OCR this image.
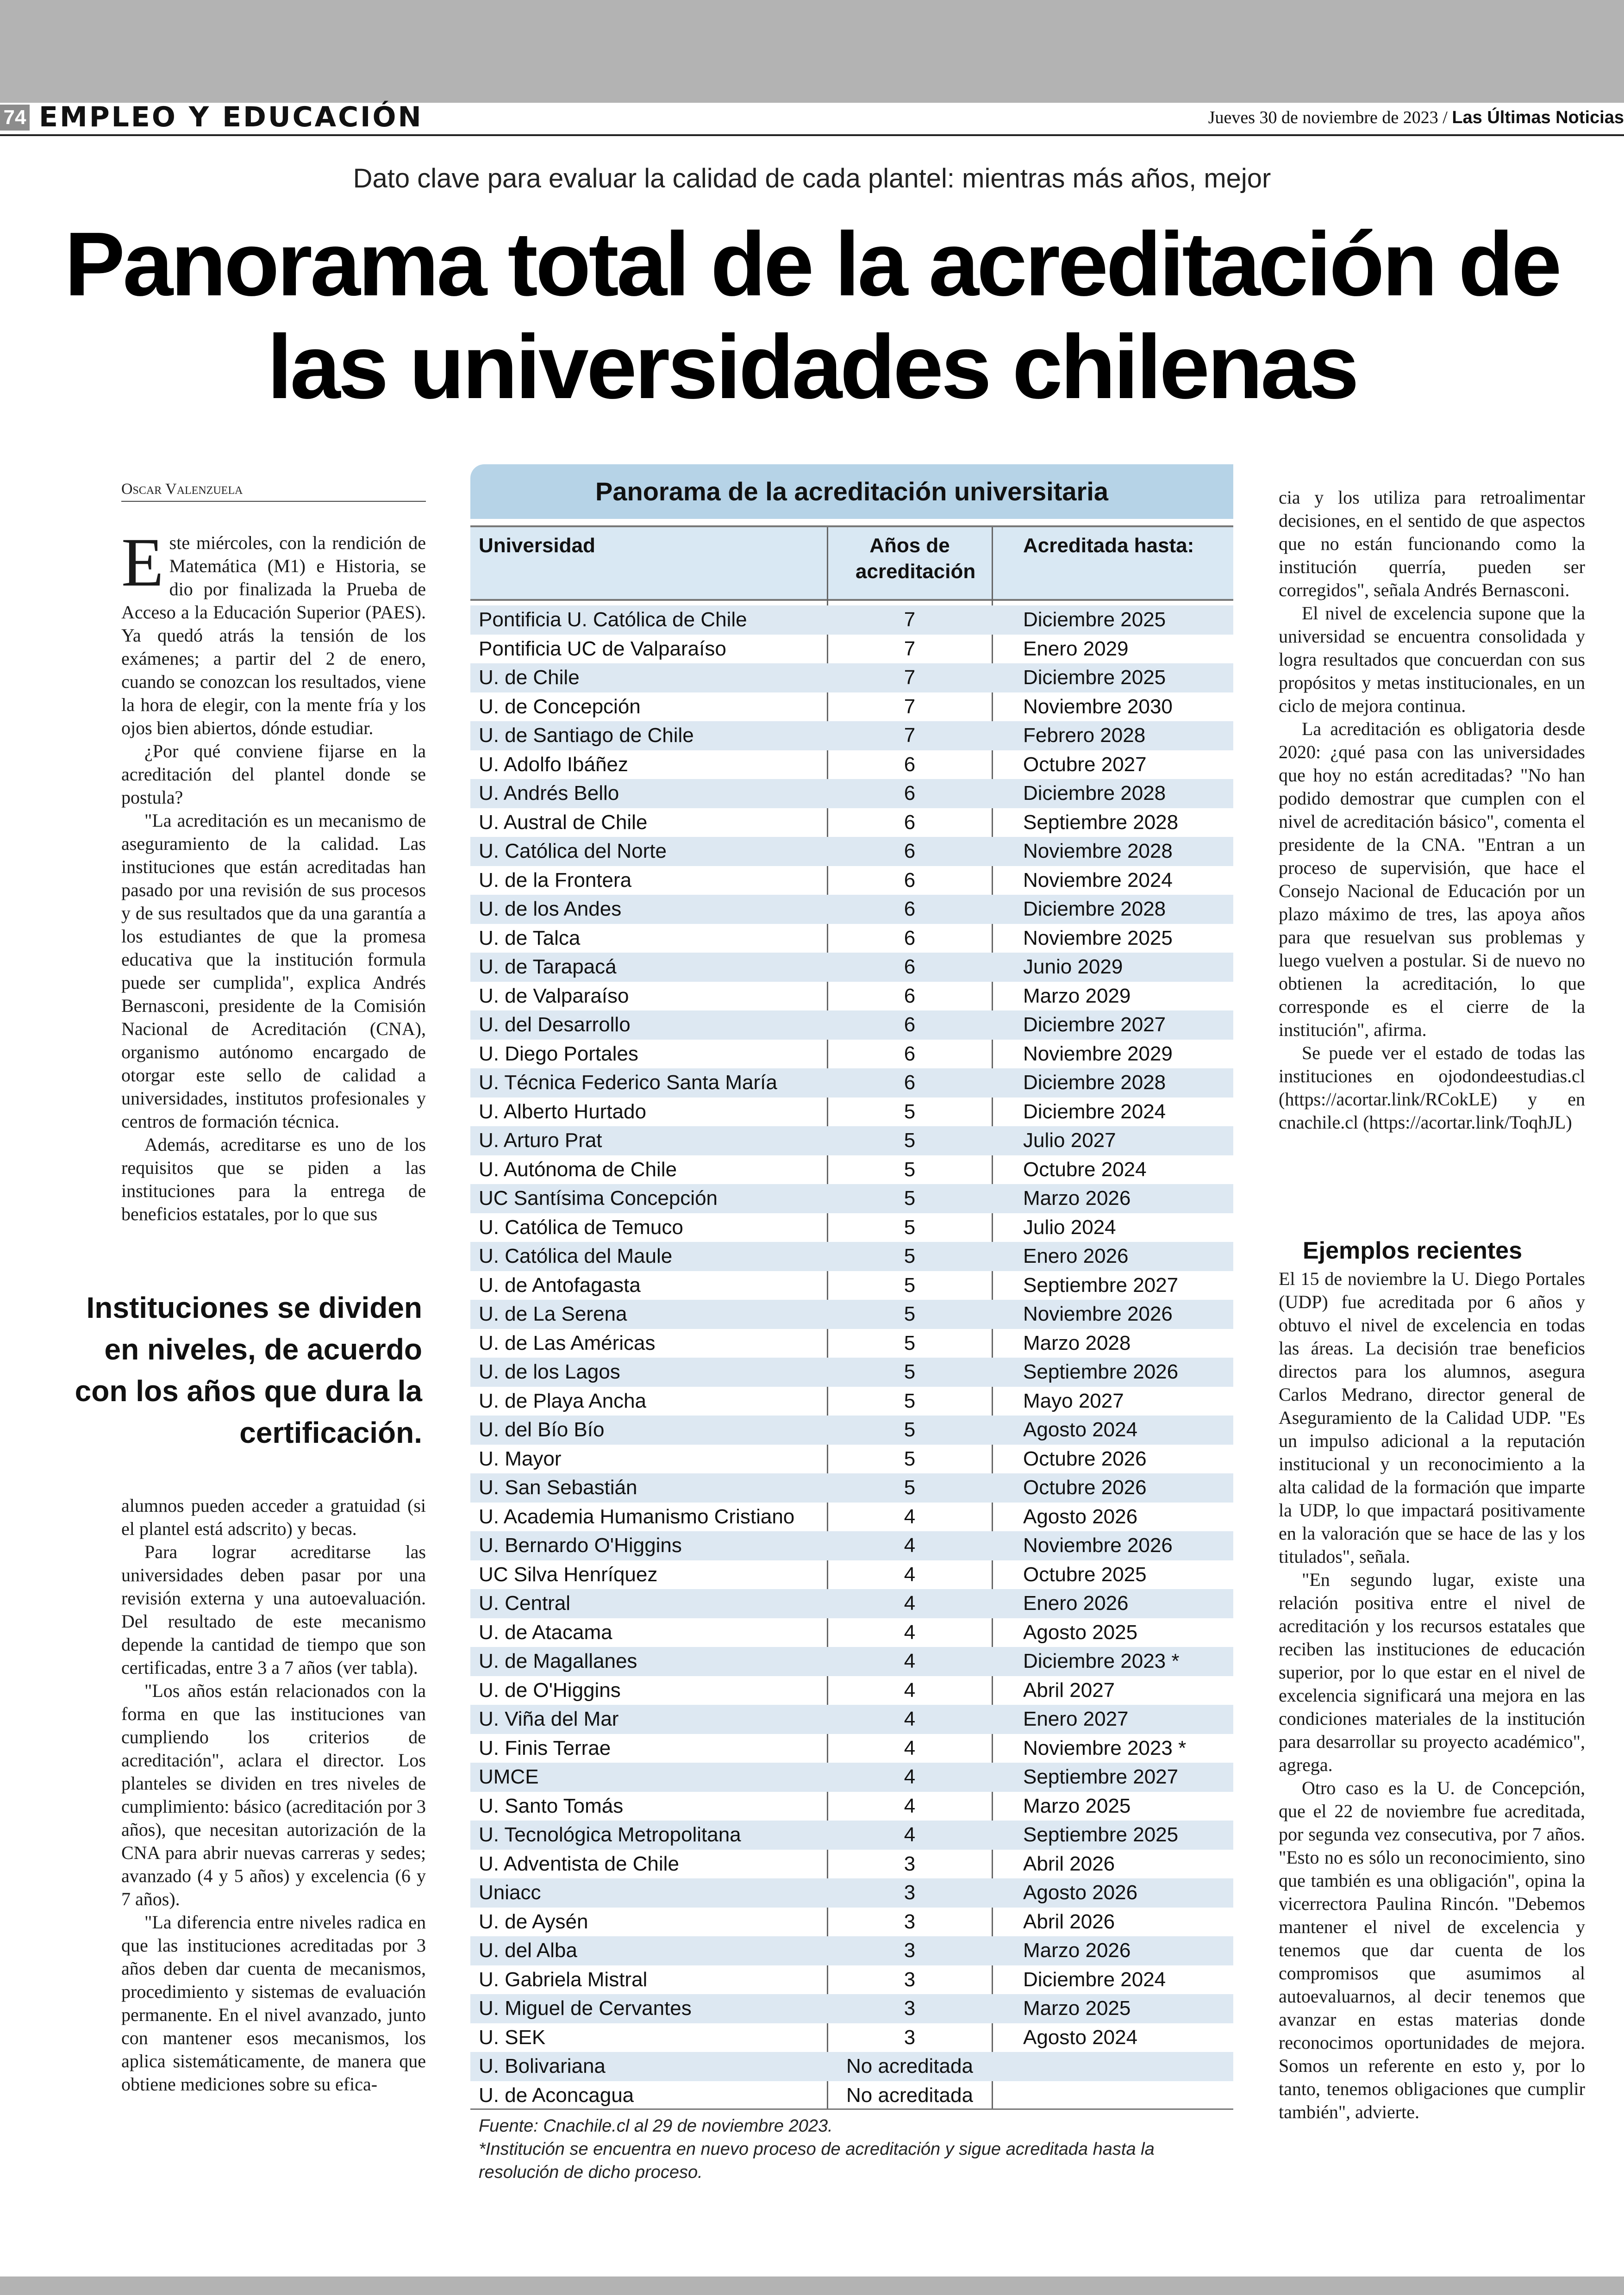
74 EMPLEO Y EDUCACIÓN	Jueves 30 de noviembre de 2023 / Las Últimas Noticias
Dato clave para evaluar la calidad de cada plantel: mientras más años, mejor
Panorama total de la acreditación de las universidades chilenas
Oscar Valenzuela

Este miércoles, con la rendición de Matemática (M1) e Historia, se dio por finalizada la Prueba de Acceso a la Educación Superior (PAES). Ya quedó atrás la tensión de los exámenes; a partir del 2 de enero, cuando se conozcan los resultados, viene la hora de elegir, con la mente fría y los ojos bien abiertos, dónde estudiar.

¿Por qué conviene fijarse en la acreditación del plantel donde se postula?

"La acreditación es un mecanismo de aseguramiento de la calidad. Las instituciones que están acreditadas han pasado por una revisión de sus procesos y de sus resultados que da una garantía a los estudiantes de que la promesa educativa que la institución formula puede ser cumplida", explica Andrés Bernasconi, presidente de la Comisión Nacional de Acreditación (CNA), organismo autónomo encargado de otorgar este sello de calidad a universidades, institutos profesionales y centros de formación técnica.

Además, acreditarse es uno de los requisitos que se piden a las instituciones para la entrega de beneficios estatales, por lo que sus

Instituciones se dividen en niveles, de acuerdo con los años que dura la certificación.

alumnos pueden acceder a gratuidad (si el plantel está adscrito) y becas.

Para lograr acreditarse las universidades deben pasar por una revisión externa y una autoevaluación. Del resultado de este mecanismo depende la cantidad de tiempo que son certificadas, entre 3 a 7 años (ver tabla).

"Los años están relacionados con la forma en que las instituciones van cumpliendo los criterios de acreditación", aclara el director. Los planteles se dividen en tres niveles de cumplimiento: básico (acreditación por 3 años), que necesitan autorización de la CNA para abrir nuevas carreras y sedes; avanzado (4 y 5 años) y excelencia (6 y 7 años).

"La diferencia entre niveles radica en que las instituciones acreditadas por 3 años deben dar cuenta de mecanismos, procedimiento y sistemas de evaluación permanente. En el nivel avanzado, junto con mantener esos mecanismos, los aplica sistemáticamente, de manera que obtiene mediciones sobre su efica-

Panorama de la acreditación universitaria
Universidad	Años de acreditación
Acreditada hasta:
Pontificia U. Católica de Chile	7	Diciembre 2025
Pontificia UC de Valparaíso	7	Enero 2029
U. de Chile	7	Diciembre 2025
U. de Concepción	7	Noviembre 2030
U. de Santiago de Chile	7	Febrero 2028
U. Adolfo Ibáñez	6	Octubre 2027
U. Andrés Bello	6	Diciembre 2028
U. Austral de Chile	6	Septiembre 2028
U. Católica del Norte	6	Noviembre 2028
U. de la Frontera	6	Noviembre 2024
U. de los Andes	6	Diciembre 2028
U. de Talca	6	Noviembre 2025
U. de Tarapacá	6	Junio 2029
U. de Valparaíso	6	Marzo 2029
U. del Desarrollo	6	Diciembre 2027
U. Diego Portales	6	Noviembre 2029
U. Técnica Federico Santa María	6	Diciembre 2028
U. Alberto Hurtado	5	Diciembre 2024
U. Arturo Prat	5	Julio 2027
U. Autónoma de Chile	5	Octubre 2024
UC Santísima Concepción	5	Marzo 2026
U. Católica de Temuco	5	Julio 2024
U. Católica del Maule	5	Enero 2026
U. de Antofagasta	5	Septiembre 2027
U. de La Serena	5	Noviembre 2026
U. de Las Américas	5	Marzo 2028
U. de los Lagos	5	Septiembre 2026
U. de Playa Ancha	5	Mayo 2027
U. del Bío Bío	5	Agosto 2024
U. Mayor	5	Octubre 2026
U. San Sebastián	5	Octubre 2026
U. Academia Humanismo Cristiano	4	Agosto 2026
U. Bernardo O'Higgins	4	Noviembre 2026
UC Silva Henríquez	4	Octubre 2025
U. Central	4	Enero 2026
U. de Atacama	4	Agosto 2025
U. de Magallanes	4	Diciembre 2023 *
U. de O'Higgins	4	Abril 2027
U. Viña del Mar	4	Enero 2027
U. Finis Terrae	4	Noviembre 2023 *
UMCE	4	Septiembre 2027
U. Santo Tomás	4	Marzo 2025
U. Tecnológica Metropolitana	4	Septiembre 2025
U. Adventista de Chile	3	Abril 2026
Uniacc	3	Agosto 2026
U. de Aysén	3	Abril 2026
U. del Alba	3	Marzo 2026
U. Gabriela Mistral	3	Diciembre 2024
U. Miguel de Cervantes	3	Marzo 2025
U. SEK	3	Agosto 2024
U. Bolivariana	No acreditada
U. de Aconcagua	No acreditada
Fuente: Cnachile.cl al 29 de noviembre 2023.
*Institución se encuentra en nuevo proceso de acreditación y sigue acreditada hasta la resolución de dicho proceso.

cia y los utiliza para retroalimentar decisiones, en el sentido de que aspectos que no están funcionando como la institución querría, pueden ser corregidos", señala Andrés Bernasconi.

El nivel de excelencia supone que la universidad se encuentra consolidada y logra resultados que concuerdan con sus propósitos y metas institucionales, en un ciclo de mejora continua.

La acreditación es obligatoria desde 2020: ¿qué pasa con las universidades que hoy no están acreditadas? "No han podido demostrar que cumplen con el nivel de acreditación básico", comenta el presidente de la CNA. "Entran a un proceso de supervisión, que hace el Consejo Nacional de Educación por un plazo máximo de tres, las apoya años para que resuelvan sus problemas y luego vuelven a postular. Si de nuevo no obtienen la acreditación, lo que corresponde es el cierre de la institución", afirma.

Se puede ver el estado de todas las instituciones en ojodondeestudias.cl (https://acortar.link/RCokLE) y en cnachile.cl (https://acortar.link/ToqhJL)

Ejemplos recientes

El 15 de noviembre la U. Diego Portales (UDP) fue acreditada por 6 años y obtuvo el nivel de excelencia en todas las áreas. La decisión trae beneficios directos para los alumnos, asegura Carlos Medrano, director general de Aseguramiento de la Calidad UDP. "Es un impulso adicional a la reputación institucional y un reconocimiento a la alta calidad de la formación que imparte la UDP, lo que impactará positivamente en la valoración que se hace de las y los titulados", señala.

"En segundo lugar, existe una relación positiva entre el nivel de acreditación y los recursos estatales que reciben las instituciones de educación superior, por lo que estar en el nivel de excelencia significará una mejora en las condiciones materiales de la institución para desarrollar su proyecto académico", agrega.

Otro caso es la U. de Concepción, que el 22 de noviembre fue acreditada, por segunda vez consecutiva, por 7 años. "Esto no es sólo un reconocimiento, sino que también es una obligación", opina la vicerrectora Paulina Rincón. "Debemos mantener el nivel de excelencia y tenemos que dar cuenta de los compromisos que asumimos al autoevaluarnos, al decir tenemos que avanzar en estas materias donde reconocimos oportunidades de mejora. Somos un referente en esto y, por lo tanto, tenemos obligaciones que cumplir también", advierte.
